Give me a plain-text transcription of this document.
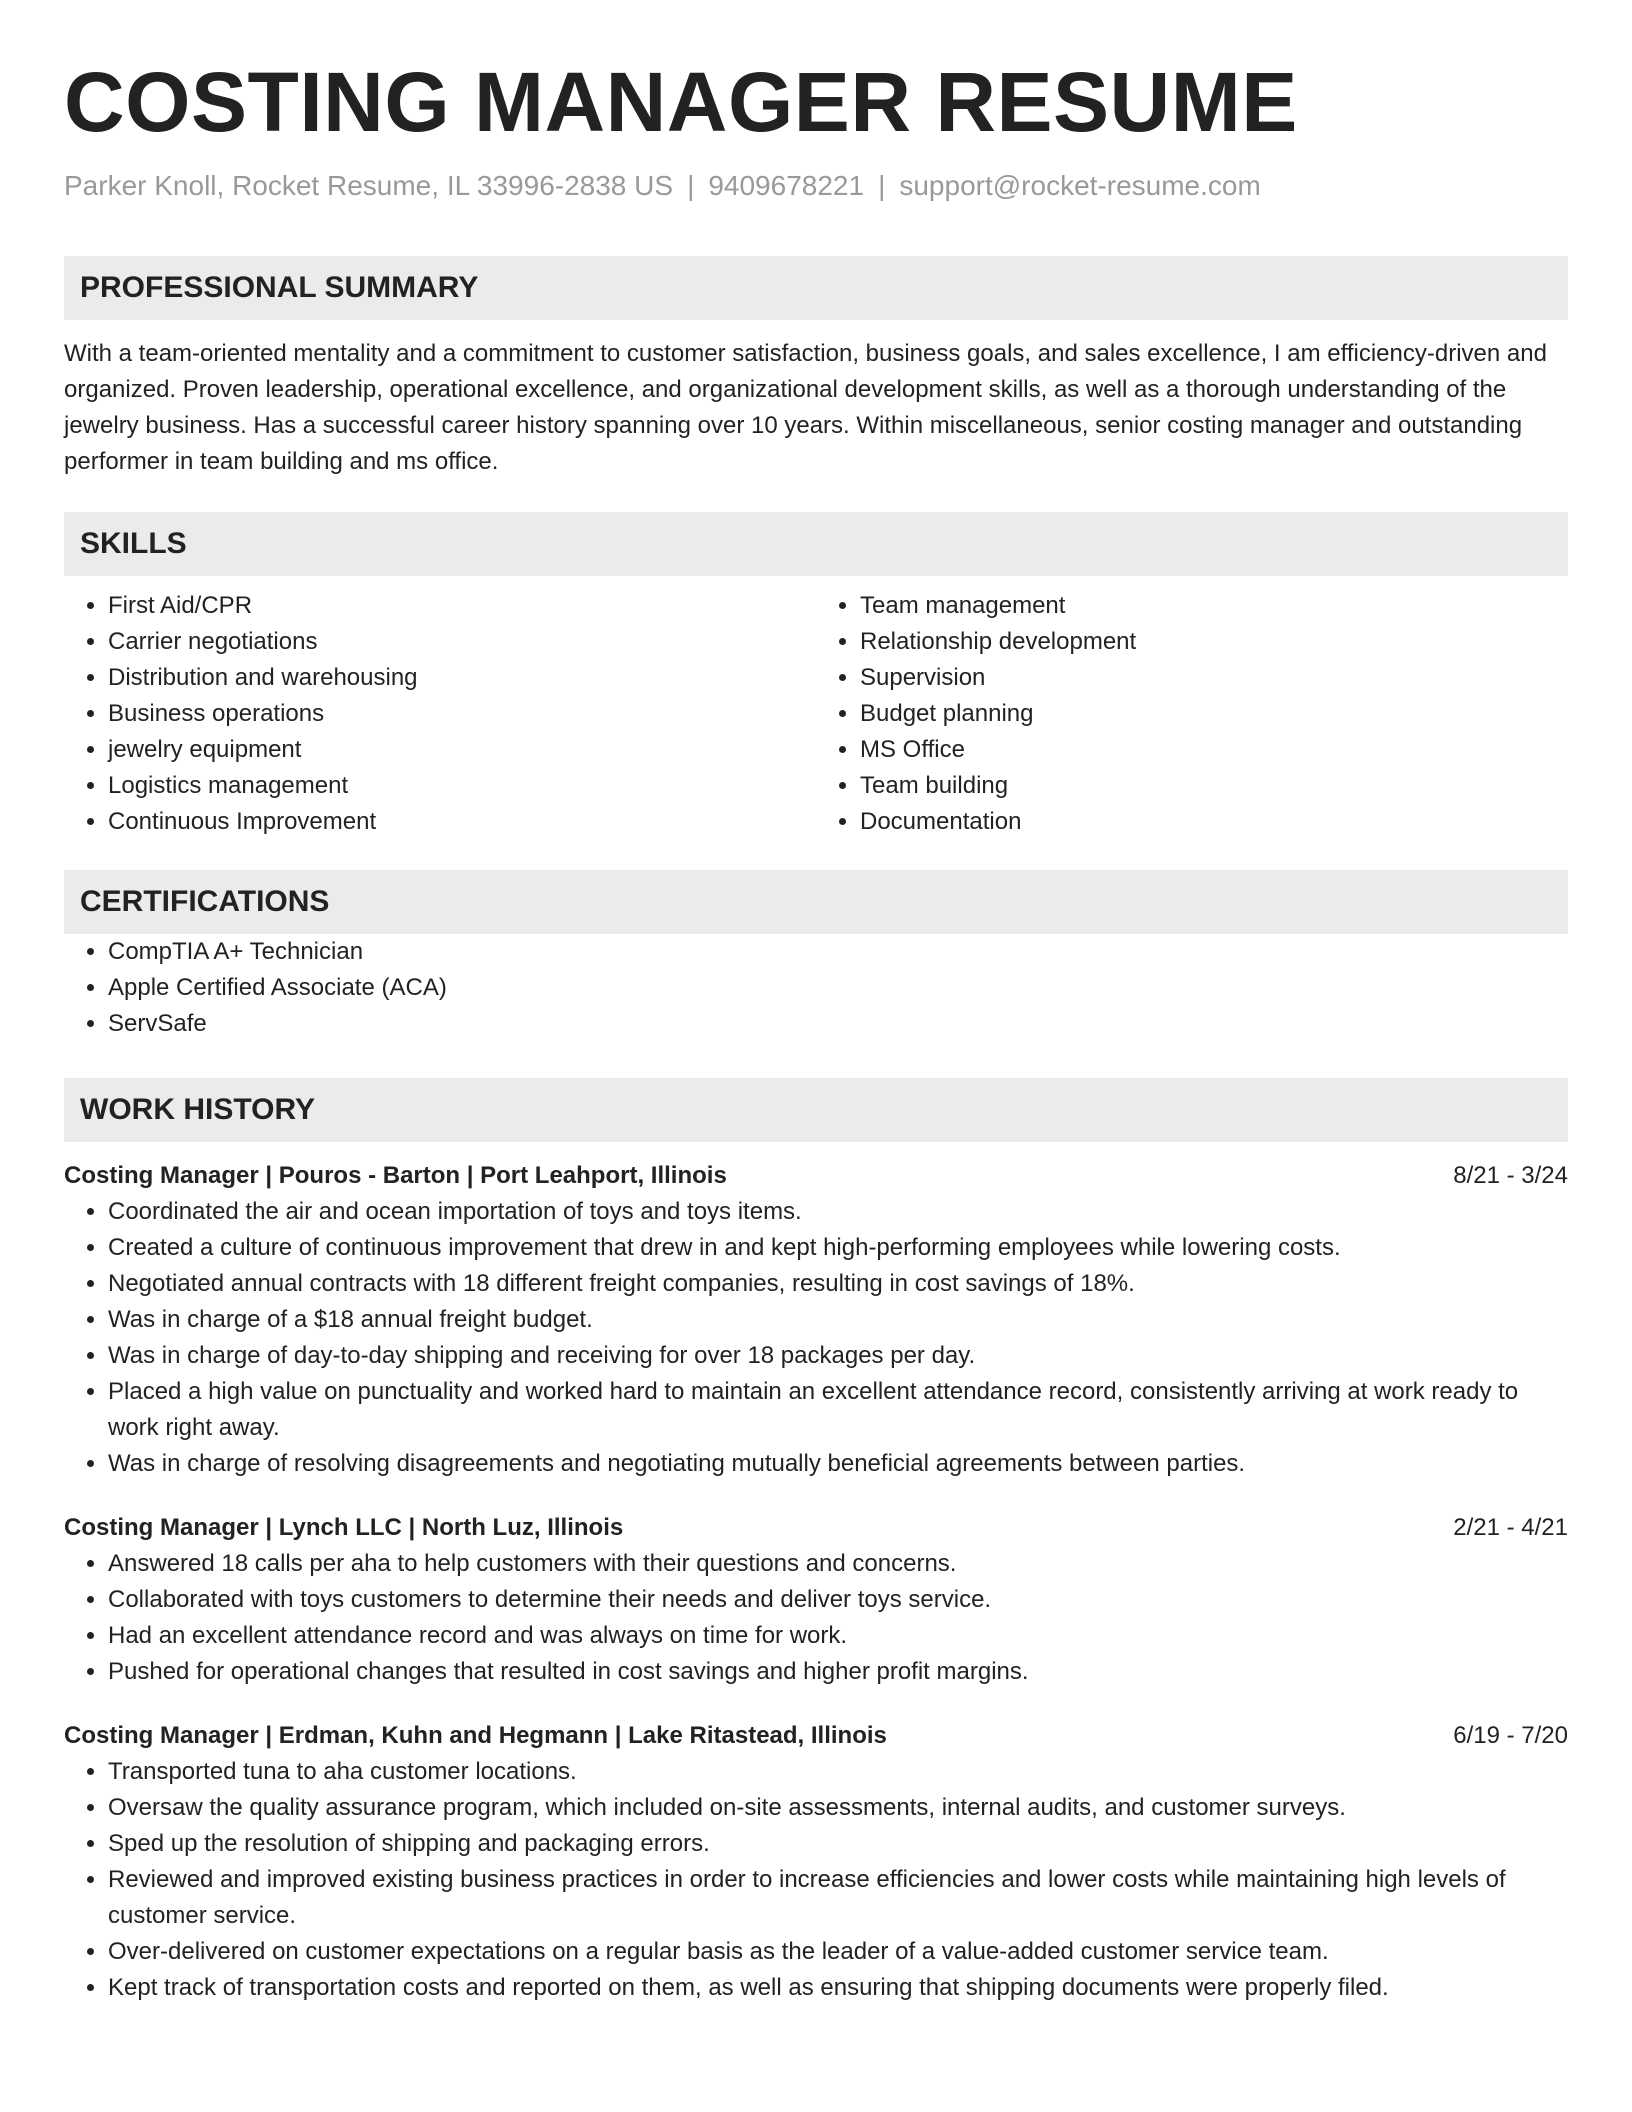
COSTING MANAGER RESUME
Parker Knoll, Rocket Resume, IL 33996-2838 US | 9409678221 | support@rocket-resume.com
PROFESSIONAL SUMMARY

With a team-oriented mentality and a commitment to customer satisfaction, business goals, and sales excellence, I am efficiency-driven and organized. Proven leadership, operational excellence, and organizational development skills, as well as a thorough understanding of the jewelry business. Has a successful career history spanning over 10 years. Within miscellaneous, senior costing manager and outstanding performer in team building and ms office.

SKILLS
• First Aid/CPR
• Carrier negotiations
• Distribution and warehousing
• Business operations
• jewelry equipment
• Logistics management
• Continuous Improvement
• Team management
• Relationship development
• Supervision
• Budget planning
• MS Office
• Team building
• Documentation
CERTIFICATIONS
• CompTIA A+ Technician
• Apple Certified Associate (ACA)
• ServSafe
WORK HISTORY
Costing Manager | Pouros - Barton | Port Leahport, Illinois	8/21 - 3/24
• Coordinated the air and ocean importation of toys and toys items.
• Created a culture of continuous improvement that drew in and kept high-performing employees while lowering costs.
• Negotiated annual contracts with 18 different freight companies, resulting in cost savings of 18%.
• Was in charge of a $18 annual freight budget.
• Was in charge of day-to-day shipping and receiving for over 18 packages per day.
• Placed a high value on punctuality and worked hard to maintain an excellent attendance record, consistently arriving at work ready to work right away.
• Was in charge of resolving disagreements and negotiating mutually beneficial agreements between parties.
Costing Manager | Lynch LLC | North Luz, Illinois	2/21 - 4/21
• Answered 18 calls per aha to help customers with their questions and concerns.
• Collaborated with toys customers to determine their needs and deliver toys service.
• Had an excellent attendance record and was always on time for work.
• Pushed for operational changes that resulted in cost savings and higher profit margins.
Costing Manager | Erdman, Kuhn and Hegmann | Lake Ritastead, Illinois	6/19 - 7/20
• Transported tuna to aha customer locations.
• Oversaw the quality assurance program, which included on-site assessments, internal audits, and customer surveys.
• Sped up the resolution of shipping and packaging errors.
• Reviewed and improved existing business practices in order to increase efficiencies and lower costs while maintaining high levels of customer service.
• Over-delivered on customer expectations on a regular basis as the leader of a value-added customer service team.
• Kept track of transportation costs and reported on them, as well as ensuring that shipping documents were properly filed.
